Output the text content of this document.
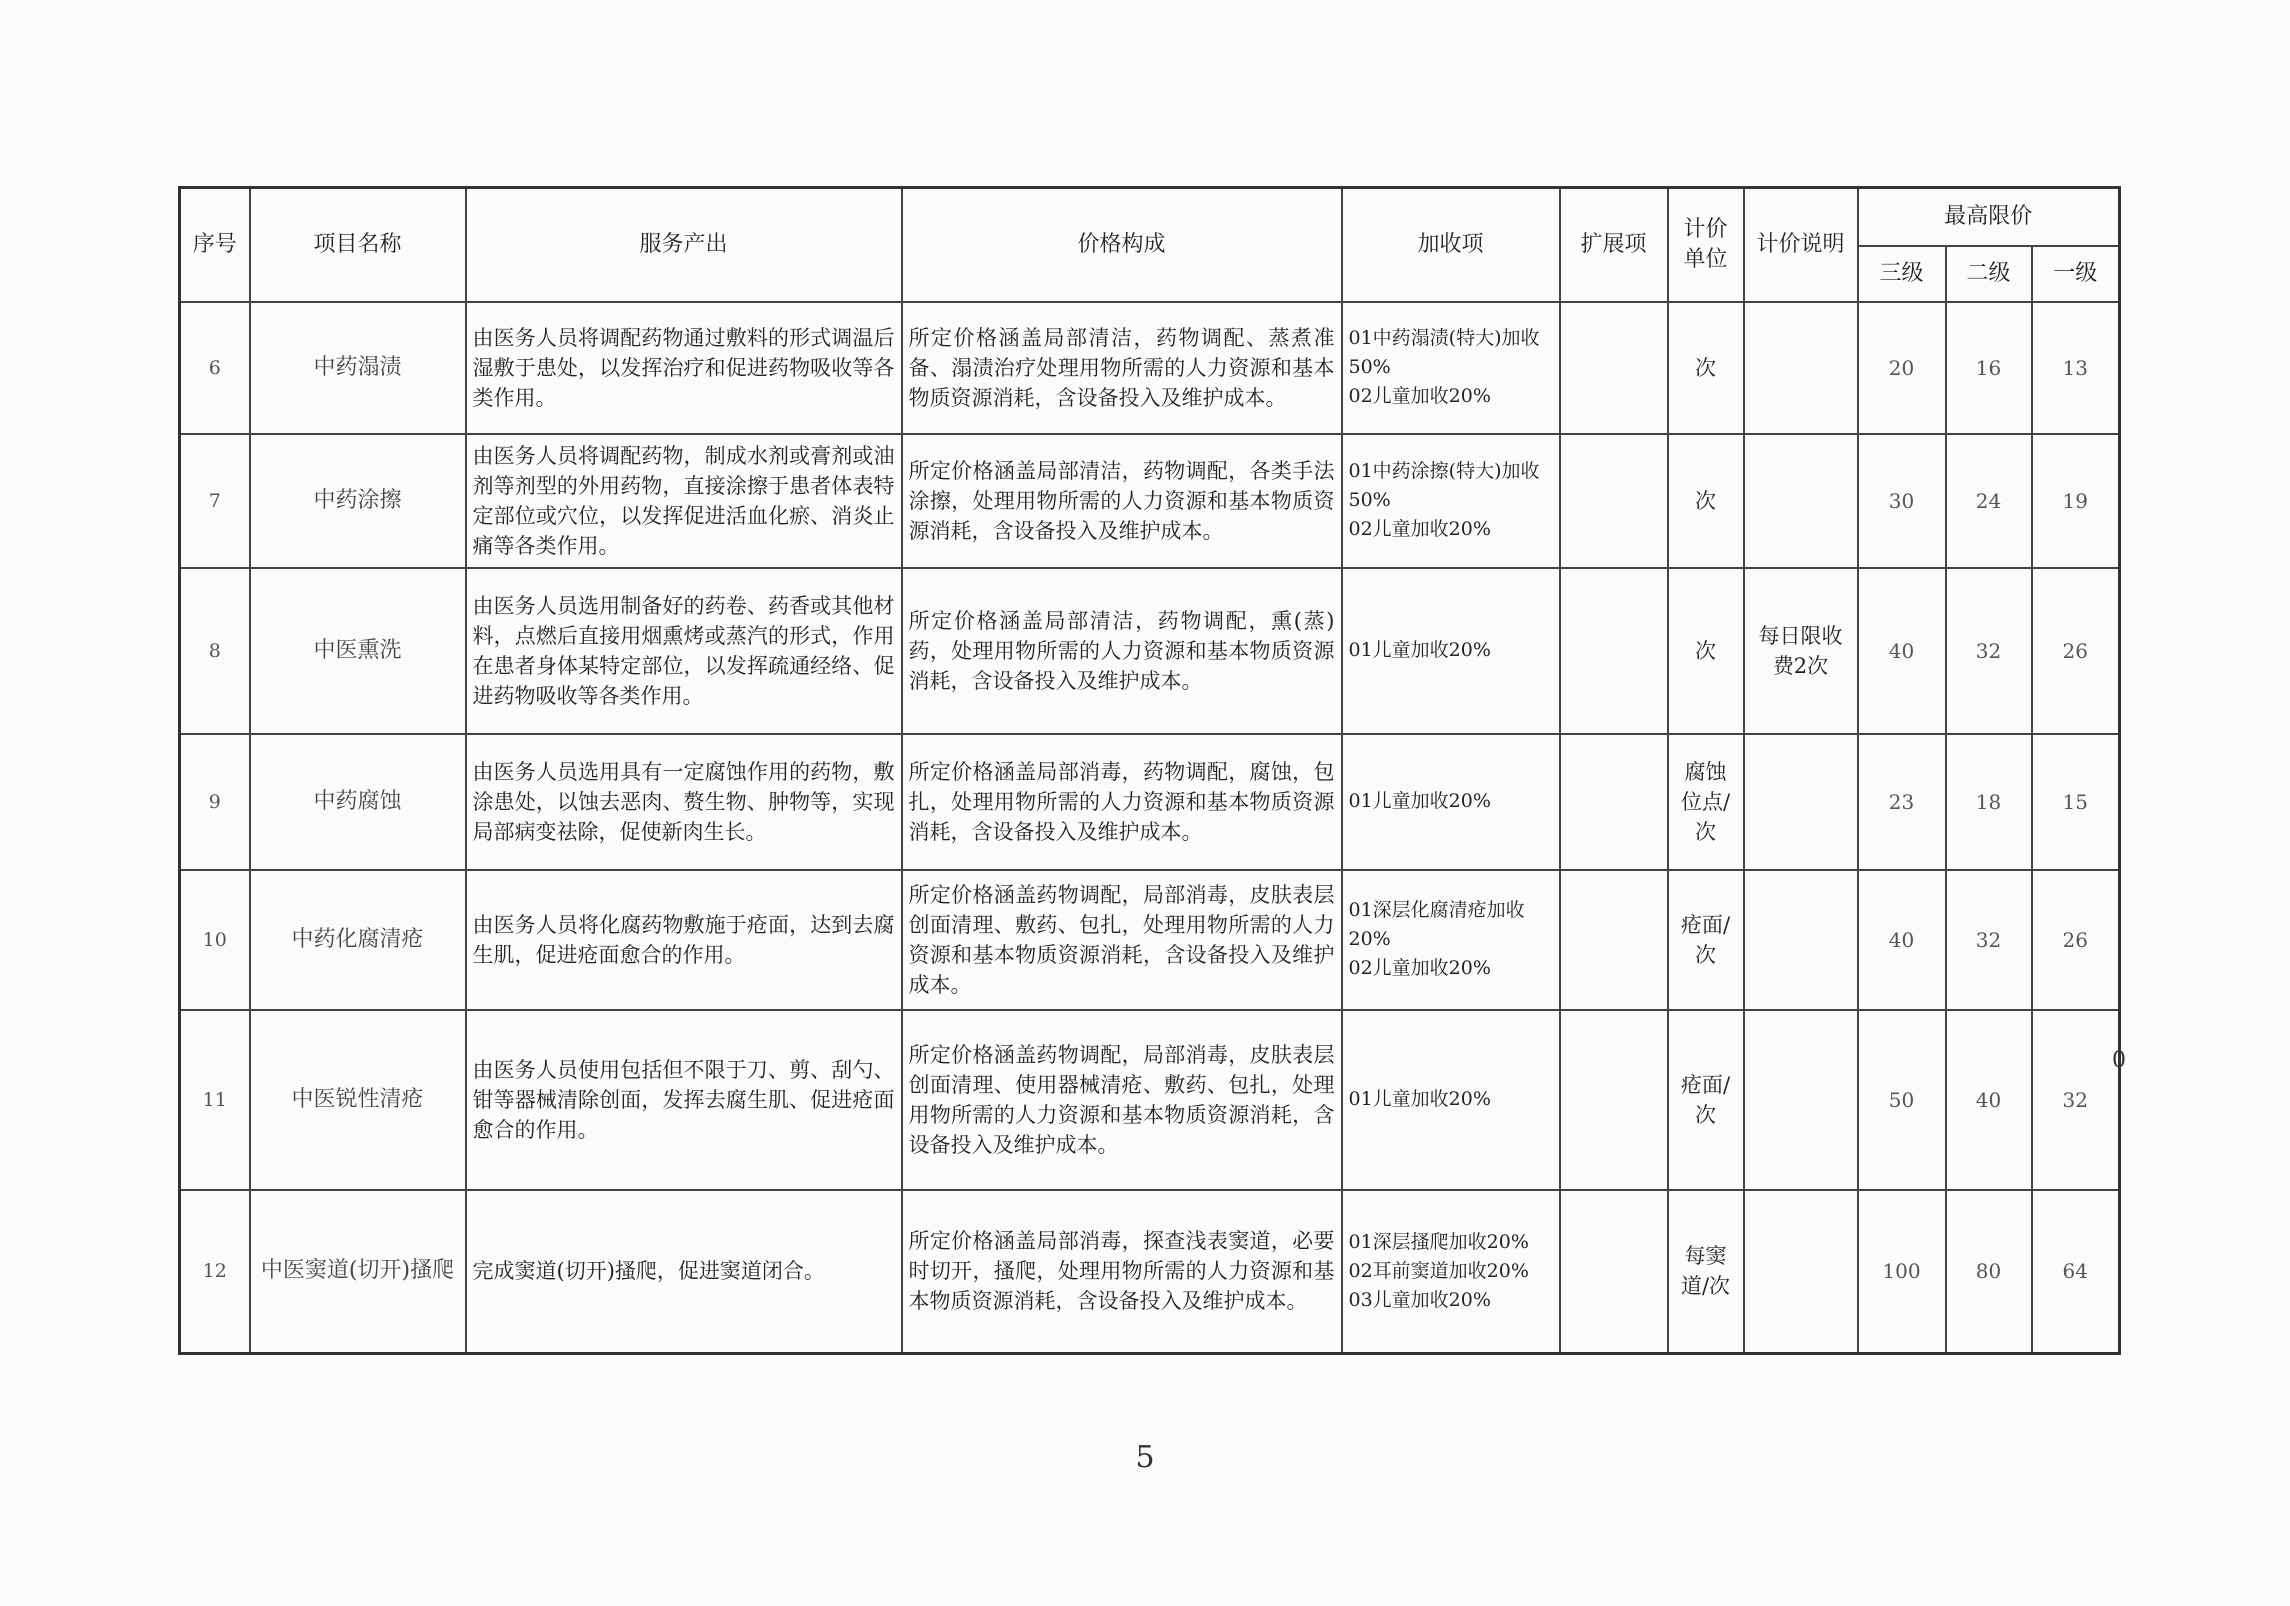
序号	项目名称	服务产出	价格构成	加收项	扩展项	计价单位	计价说明	最高限价		
								三级	二级	一级
6	中药溻渍	由医务人员将调配药物通过敷料的形式调温后湿敷于患处，以发挥治疗和促进药物吸收等各类作用。	所定价格涵盖局部清洁，药物调配、蒸煮准备、溻渍治疗处理用物所需的人力资源和基本物质资源消耗，含设备投入及维护成本。	01中药溻渍(特大)加收50%
02儿童加收20%		次		20	16	13
7	中药涂擦	由医务人员将调配药物，制成水剂或膏剂或油剂等剂型的外用药物，直接涂擦于患者体表特定部位或穴位，以发挥促进活血化瘀、消炎止痛等各类作用。	所定价格涵盖局部清洁，药物调配，各类手法涂擦，处理用物所需的人力资源和基本物质资源消耗，含设备投入及维护成本。	01中药涂擦(特大)加收50%
02儿童加收20%		次		30	24	19
8	中医熏洗	由医务人员选用制备好的药卷、药香或其他材料，点燃后直接用烟熏烤或蒸汽的形式，作用在患者身体某特定部位，以发挥疏通经络、促进药物吸收等各类作用。	所定价格涵盖局部清洁，药物调配，熏(蒸)药，处理用物所需的人力资源和基本物质资源消耗，含设备投入及维护成本。	01儿童加收20%		次	每日限收费2次	40	32	26
9	中药腐蚀	由医务人员选用具有一定腐蚀作用的药物，敷涂患处，以蚀去恶肉、赘生物、肿物等，实现局部病变祛除，促使新肉生长。	所定价格涵盖局部消毒，药物调配，腐蚀，包扎，处理用物所需的人力资源和基本物质资源消耗，含设备投入及维护成本。	01儿童加收20%		腐蚀位点/次		23	18	15
10	中药化腐清疮	由医务人员将化腐药物敷施于疮面，达到去腐生肌，促进疮面愈合的作用。	所定价格涵盖药物调配，局部消毒，皮肤表层创面清理、敷药、包扎，处理用物所需的人力资源和基本物质资源消耗，含设备投入及维护成本。	01深层化腐清疮加收20%
02儿童加收20%		疮面/次		40	32	26
11	中医锐性清疮	由医务人员使用包括但不限于刀、剪、刮勺、钳等器械清除创面，发挥去腐生肌、促进疮面愈合的作用。	所定价格涵盖药物调配，局部消毒，皮肤表层创面清理、使用器械清疮、敷药、包扎，处理用物所需的人力资源和基本物质资源消耗，含设备投入及维护成本。	01儿童加收20%		疮面/次		50	40	32
12	中医窦道(切开)搔爬	完成窦道(切开)搔爬，促进窦道闭合。	所定价格涵盖局部消毒，探查浅表窦道，必要时切开，搔爬，处理用物所需的人力资源和基本物质资源消耗，含设备投入及维护成本。	01深层搔爬加收20%
02耳前窦道加收20%
03儿童加收20%		每窦道/次		100	80	64
0
5
